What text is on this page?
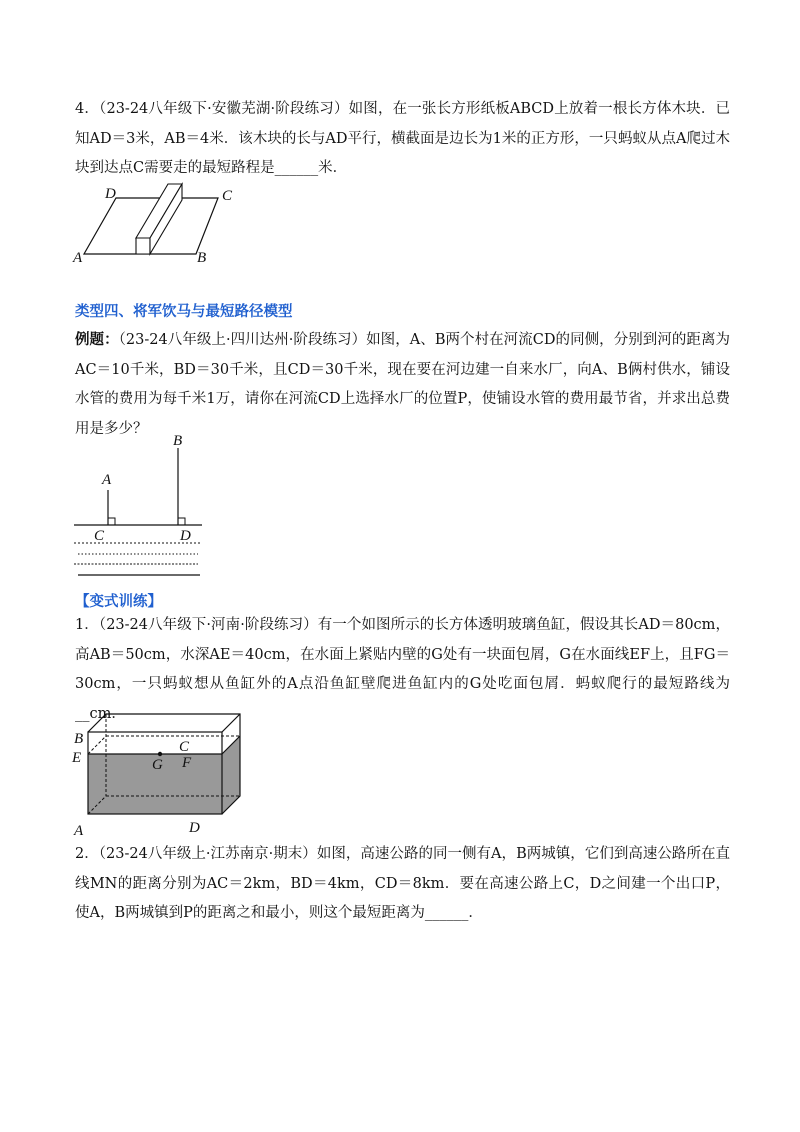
4．（23-24八年级下·安徽芜湖·阶段练习）如图，在一张长方形纸板ABCD上放着一根长方体木块．已知AD＝3米，AB＝4米．该木块的长与AD平行，横截面是边长为1米的正方形，一只蚂蚁从点A爬过木块到达点C需要走的最短路程是______米．

D	C
A	B

类型四、将军饮马与最短路径模型

例题：（23-24八年级上·四川达州·阶段练习）如图，A、B两个村在河流CD的同侧，分别到河的距离为AC＝10千米，BD＝30千米，且CD＝30千米，现在要在河边建一自来水厂，向A、B俩村供水，铺设水管的费用为每千米1万，请你在河流CD上选择水厂的位置P，使铺设水管的费用最节省，并求出总费用是多少？

B
A
C	D

【变式训练】

1．（23-24八年级下·河南·阶段练习）有一个如图所示的长方体透明玻璃鱼缸，假设其长AD＝80cm，高AB＝50cm，水深AE＝40cm，在水面上紧贴内壁的G处有一块面包屑，G在水面线EF上，且FG＝30cm，一只蚂蚁想从鱼缸外的A点沿鱼缸壁爬进鱼缸内的G处吃面包屑．蚂蚁爬行的最短路线为__cm．

B	C
E	G F
A	D

2．（23-24八年级上·江苏南京·期末）如图，高速公路的同一侧有A，B两城镇，它们到高速公路所在直线MN的距离分别为AC＝2km，BD＝4km，CD＝8km．要在高速公路上C，D之间建一个出口P，使A，B两城镇到P的距离之和最小，则这个最短距离为______．
